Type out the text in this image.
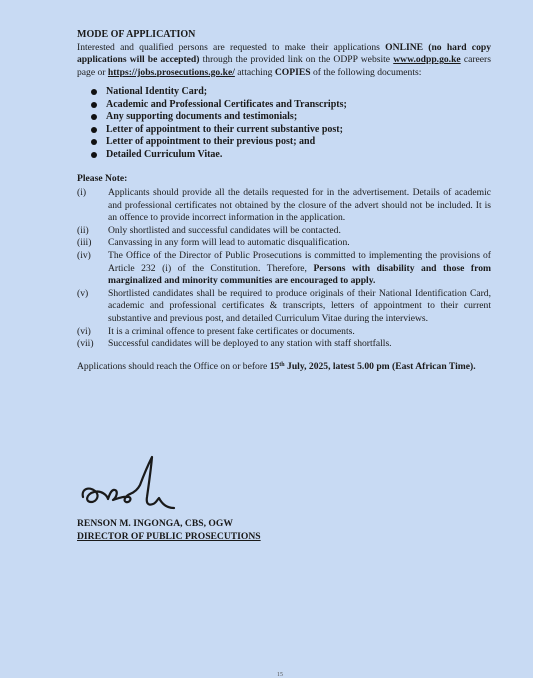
MODE OF APPLICATION
Interested and qualified persons are requested to make their applications ONLINE (no hard copy applications will be accepted) through the provided link on the ODPP website www.odpp.go.ke careers page or https://jobs.prosecutions.go.ke/ attaching COPIES of the following documents:
National Identity Card;
Academic and Professional Certificates and Transcripts;
Any supporting documents and testimonials;
Letter of appointment to their current substantive post;
Letter of appointment to their previous post; and
Detailed Curriculum Vitae.
Please Note:
(i)	Applicants should provide all the details requested for in the advertisement. Details of academic and professional certificates not obtained by the closure of the advert should not be included. It is an offence to provide incorrect information in the application.
(ii)	Only shortlisted and successful candidates will be contacted.
(iii)	Canvassing in any form will lead to automatic disqualification.
(iv)	The Office of the Director of Public Prosecutions is committed to implementing the provisions of Article 232 (i) of the Constitution. Therefore, Persons with disability and those from marginalized and minority communities are encouraged to apply.
(v)	Shortlisted candidates shall be required to produce originals of their National Identification Card, academic and professional certificates & transcripts, letters of appointment to their current substantive and previous post, and detailed Curriculum Vitae during the interviews.
(vi)	It is a criminal offence to present fake certificates or documents.
(vii)	Successful candidates will be deployed to any station with staff shortfalls.
Applications should reach the Office on or before 15th July, 2025, latest 5.00 pm (East African Time).
RENSON M. INGONGA, CBS, OGW
DIRECTOR OF PUBLIC PROSECUTIONS
15
